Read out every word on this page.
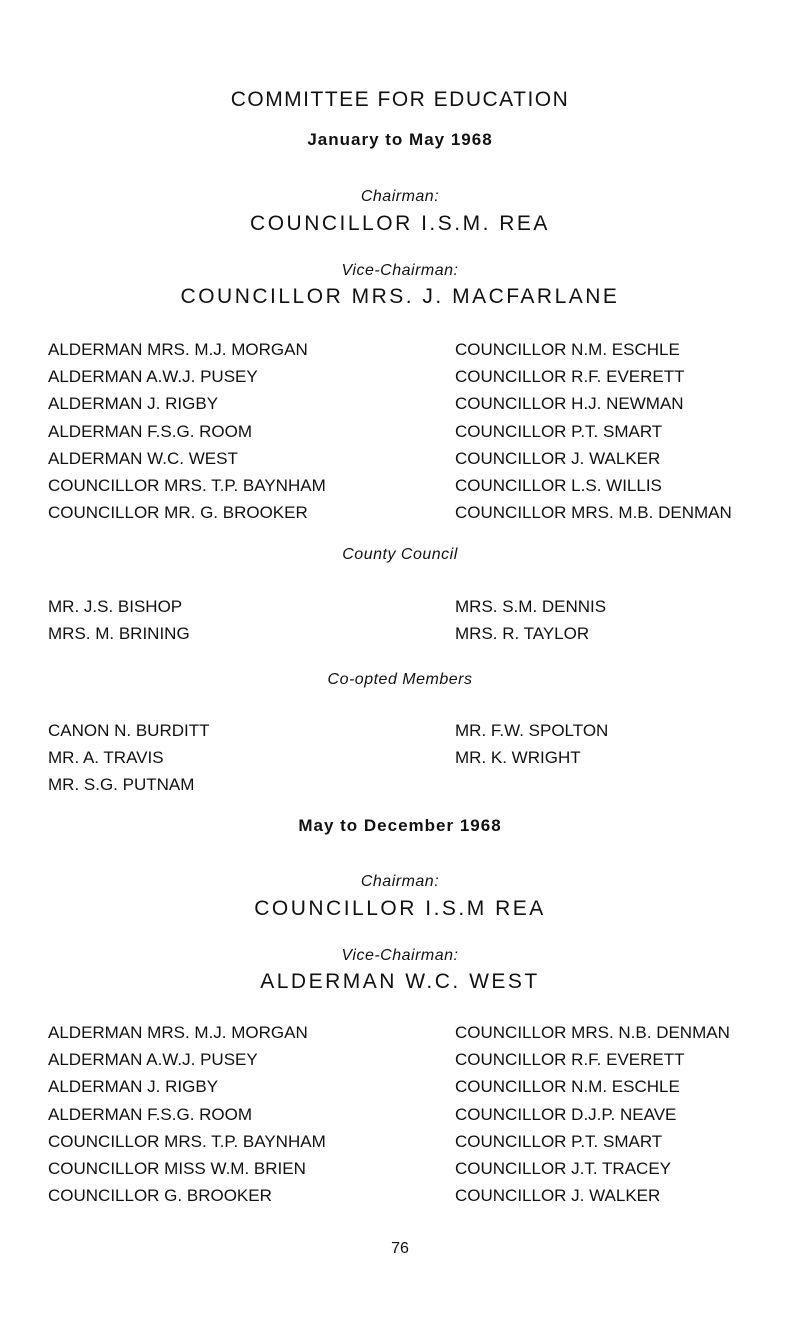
COMMITTEE FOR EDUCATION
January to May 1968
Chairman:
COUNCILLOR I.S.M. REA
Vice-Chairman:
COUNCILLOR MRS. J. MACFARLANE
ALDERMAN MRS. M.J. MORGAN
ALDERMAN A.W.J. PUSEY
ALDERMAN J. RIGBY
ALDERMAN F.S.G. ROOM
ALDERMAN W.C. WEST
COUNCILLOR MRS. T.P. BAYNHAM
COUNCILLOR MR. G. BROOKER
COUNCILLOR N.M. ESCHLE
COUNCILLOR R.F. EVERETT
COUNCILLOR H.J. NEWMAN
COUNCILLOR P.T. SMART
COUNCILLOR J. WALKER
COUNCILLOR L.S. WILLIS
COUNCILLOR MRS. M.B. DENMAN
County Council
MR. J.S. BISHOP
MRS. M. BRINING
MRS. S.M. DENNIS
MRS. R. TAYLOR
Co-opted Members
CANON N. BURDITT
MR. A. TRAVIS
MR. S.G. PUTNAM
MR. F.W. SPOLTON
MR. K. WRIGHT
May to December 1968
Chairman:
COUNCILLOR I.S.M REA
Vice-Chairman:
ALDERMAN W.C. WEST
ALDERMAN MRS. M.J. MORGAN
ALDERMAN A.W.J. PUSEY
ALDERMAN J. RIGBY
ALDERMAN F.S.G. ROOM
COUNCILLOR MRS. T.P. BAYNHAM
COUNCILLOR MISS W.M. BRIEN
COUNCILLOR G. BROOKER
COUNCILLOR MRS. N.B. DENMAN
COUNCILLOR R.F. EVERETT
COUNCILLOR N.M. ESCHLE
COUNCILLOR D.J.P. NEAVE
COUNCILLOR P.T. SMART
COUNCILLOR J.T. TRACEY
COUNCILLOR J. WALKER
76
